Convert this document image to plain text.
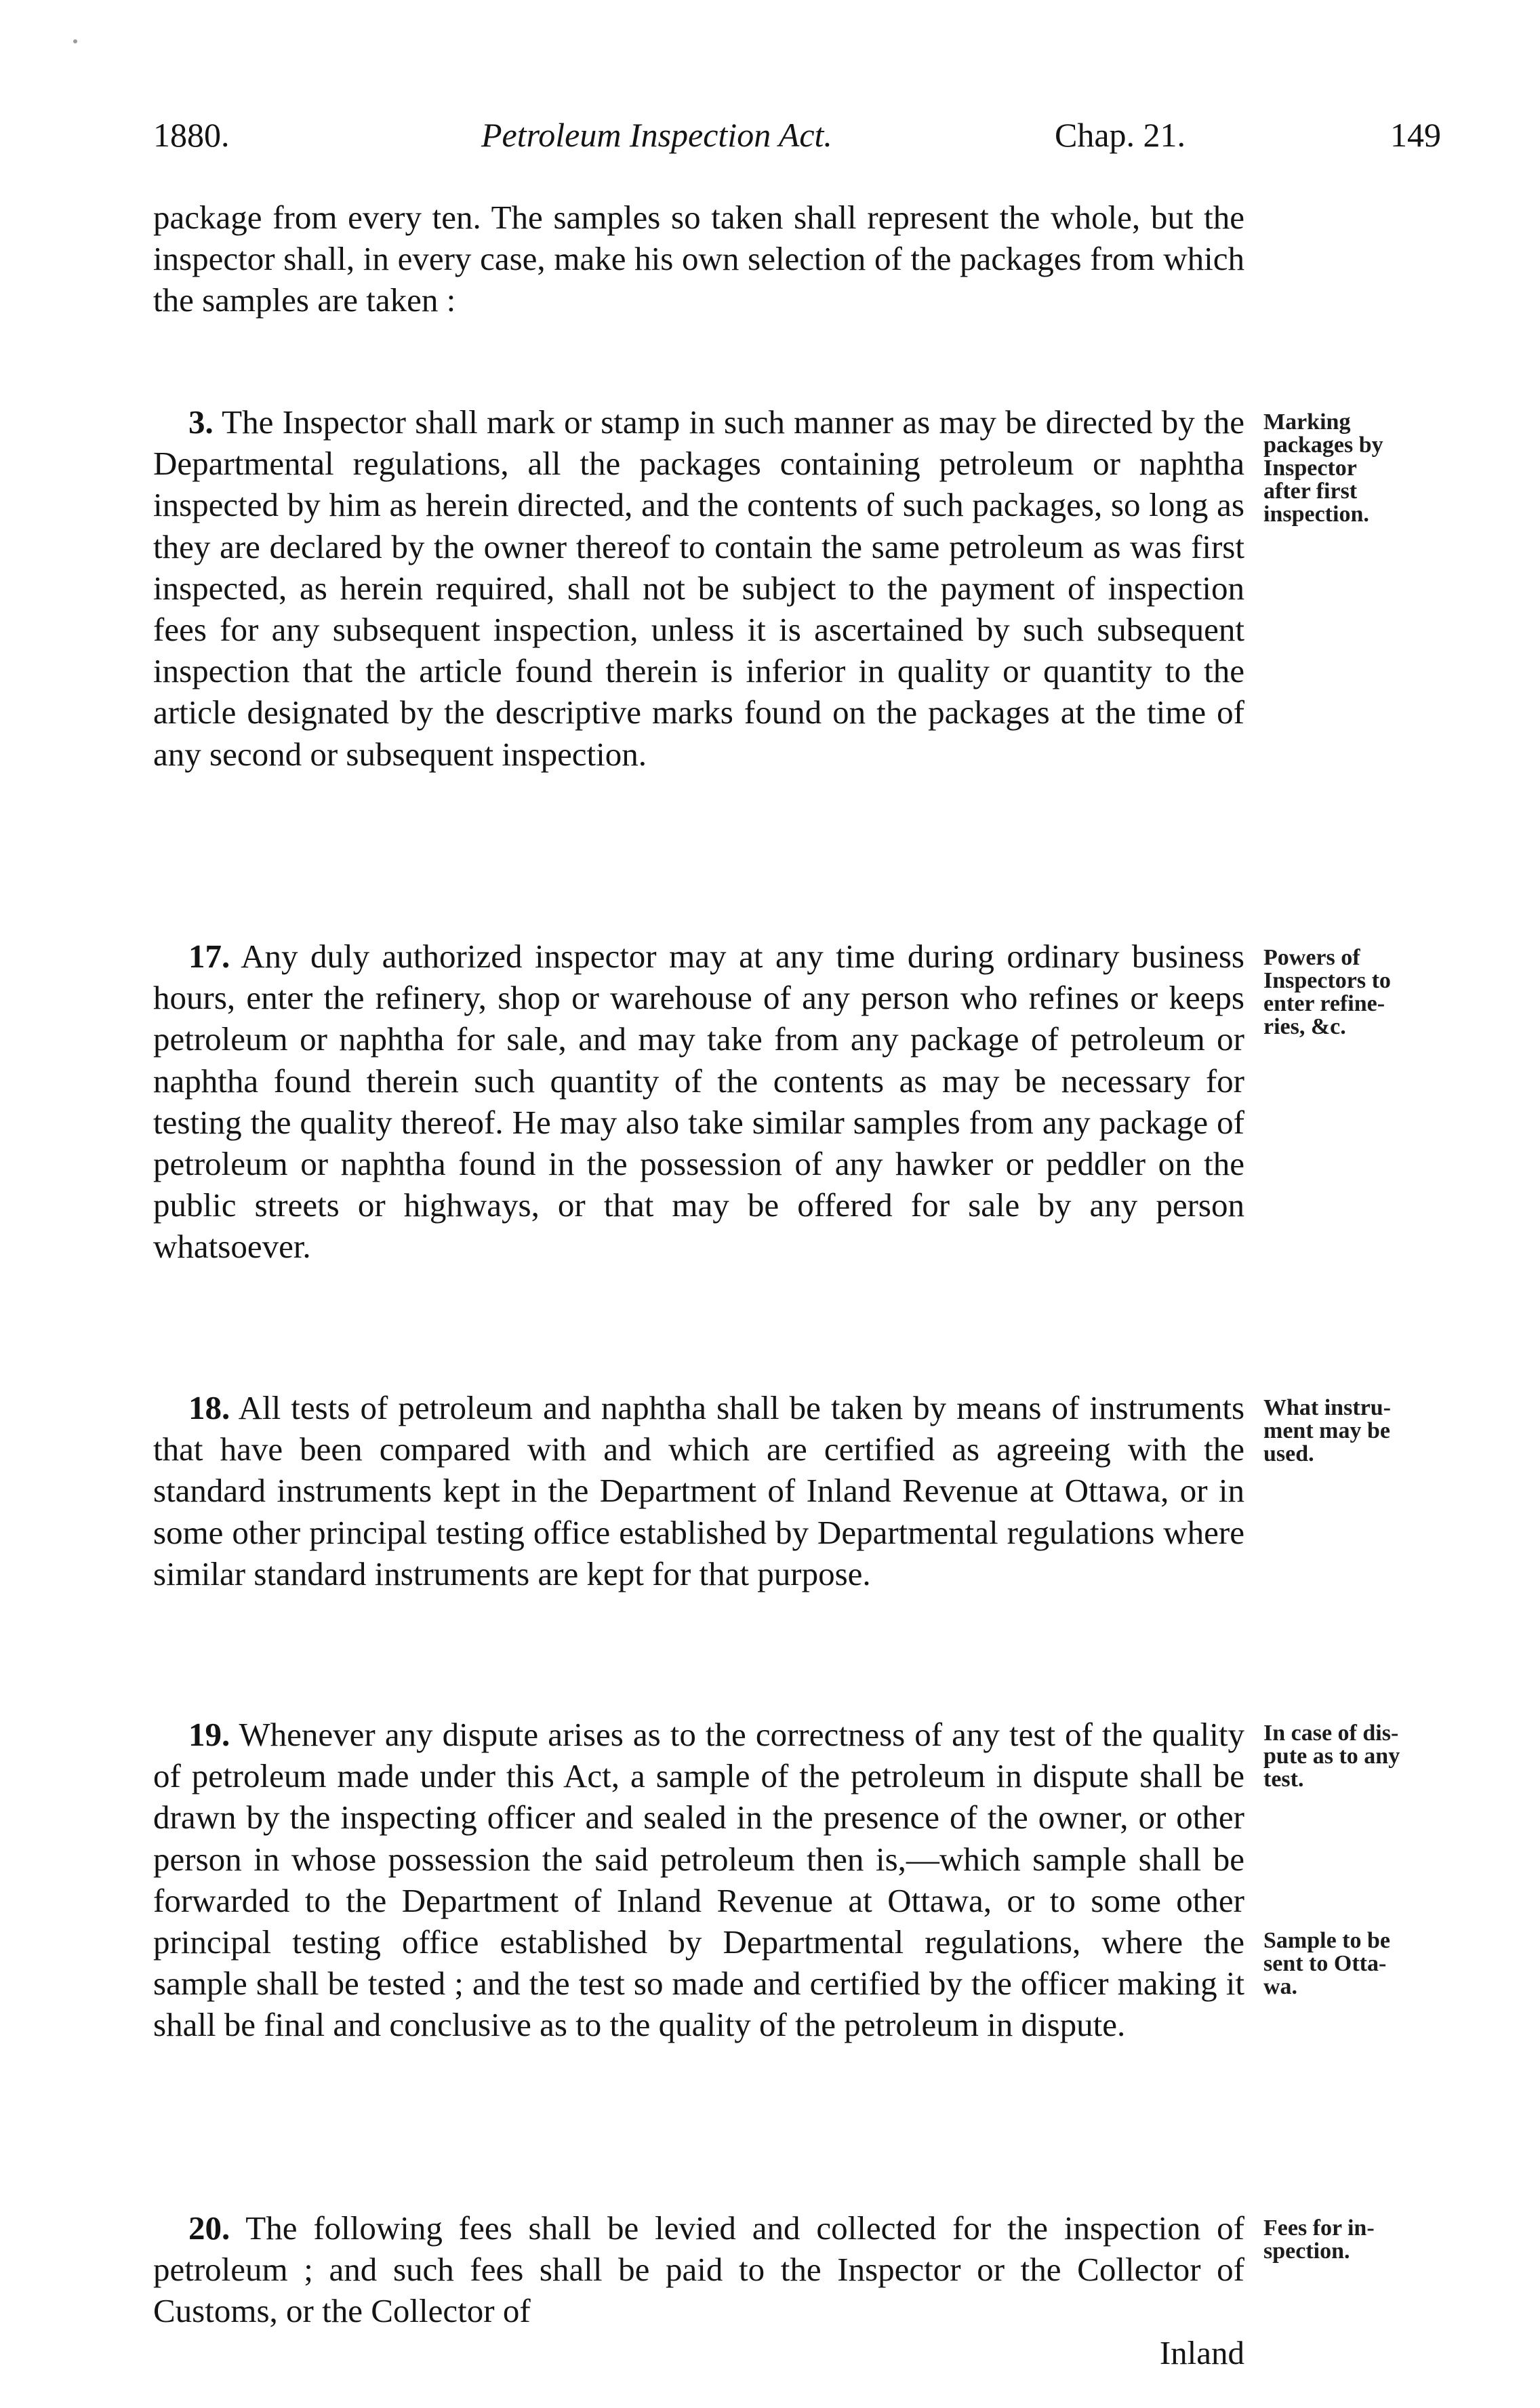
1880.	Petroleum Inspection Act.	Chap. 21.	149

package from every ten. The samples so taken shall represent the whole, but the inspector shall, in every case, make his own selection of the packages from which the samples are taken :

3. The Inspector shall mark or stamp in such manner as may be directed by the Departmental regulations, all the packages containing petroleum or naphtha inspected by him as herein directed, and the contents of such packages, so long as they are declared by the owner thereof to contain the same petroleum as was first inspected, as herein required, shall not be subject to the payment of inspection fees for any subsequent inspection, unless it is ascertained by such subsequent inspection that the article found therein is inferior in quality or quantity to the article designated by the descriptive marks found on the packages at the time of any second or subsequent inspection.

17. Any duly authorized inspector may at any time during ordinary business hours, enter the refinery, shop or warehouse of any person who refines or keeps petroleum or naphtha for sale, and may take from any package of petroleum or naphtha found therein such quantity of the contents as may be necessary for testing the quality thereof. He may also take similar samples from any package of petroleum or naphtha found in the possession of any hawker or peddler on the public streets or highways, or that may be offered for sale by any person whatsoever.

18. All tests of petroleum and naphtha shall be taken by means of instruments that have been compared with and which are certified as agreeing with the standard instruments kept in the Department of Inland Revenue at Ottawa, or in some other principal testing office established by Departmental regulations where similar standard instruments are kept for that purpose.

19. Whenever any dispute arises as to the correctness of any test of the quality of petroleum made under this Act, a sample of the petroleum in dispute shall be drawn by the inspecting officer and sealed in the presence of the owner, or other person in whose possession the said petroleum then is,—which sample shall be forwarded to the Department of Inland Revenue at Ottawa, or to some other principal testing office established by Departmental regulations, where the sample shall be tested ; and the test so made and certified by the officer making it shall be final and conclusive as to the quality of the petroleum in dispute.

20. The following fees shall be levied and collected for the inspection of petroleum ; and such fees shall be paid to the Inspector or the Collector of Customs, or the Collector of

Inland

Marking
packages by
Inspector
after first
inspection.
Powers of
Inspectors to
enter refine-
ries, &c.
What instru-
ment may be
used.
In case of dis-
pute as to any
test.
Sample to be
sent to Otta-
wa.
Fees for in-
spection.
